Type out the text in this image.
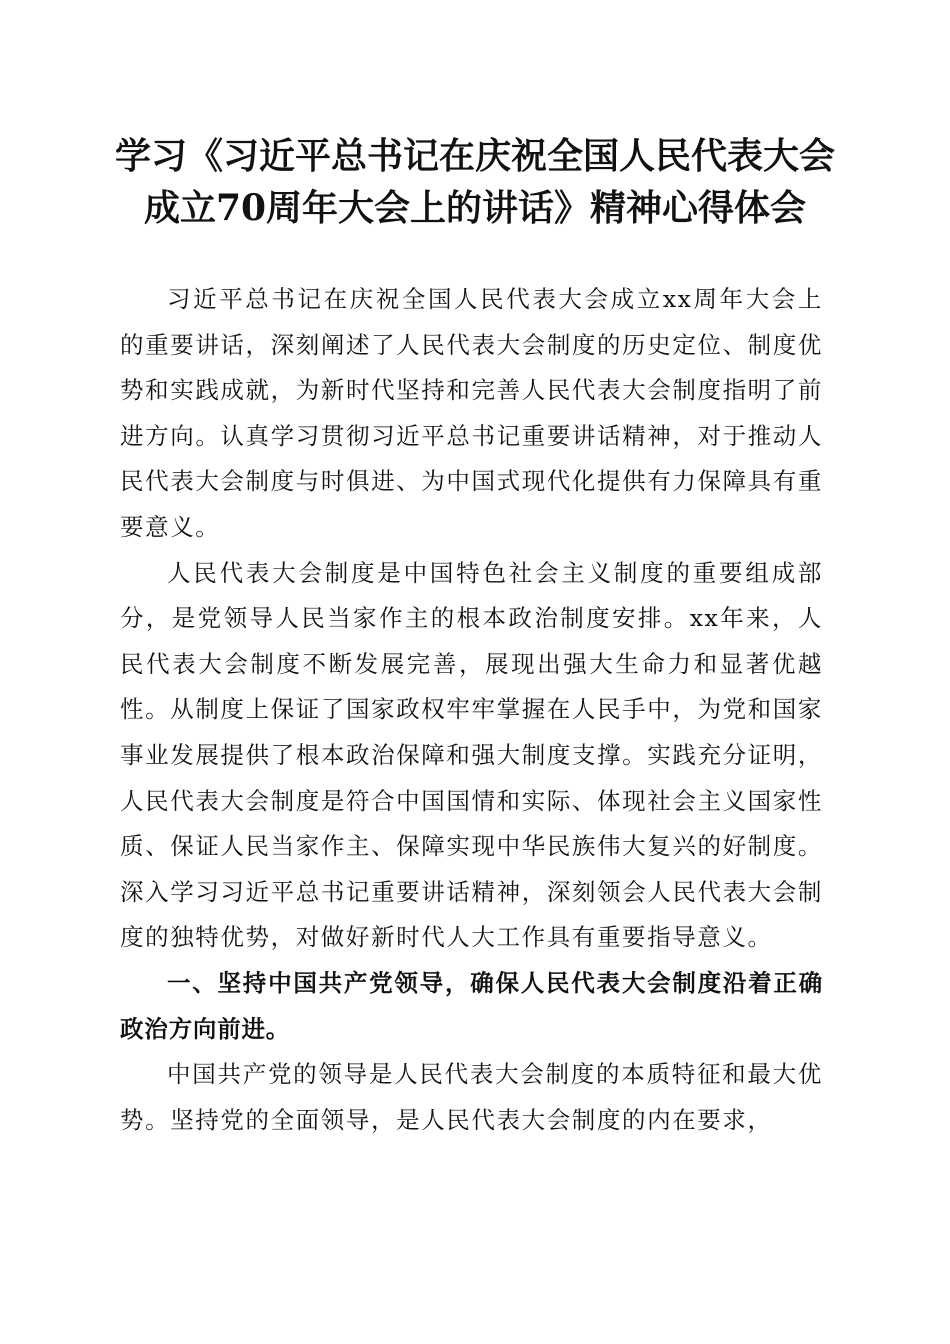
学习《习近平总书记在庆祝全国人民代表大会
成立70周年大会上的讲话》精神心得体会

习近平总书记在庆祝全国人民代表大会成立xx周年大会上的重要讲话，深刻阐述了人民代表大会制度的历史定位、制度优势和实践成就，为新时代坚持和完善人民代表大会制度指明了前进方向。认真学习贯彻习近平总书记重要讲话精神，对于推动人民代表大会制度与时俱进、为中国式现代化提供有力保障具有重要意义。

人民代表大会制度是中国特色社会主义制度的重要组成部分，是党领导人民当家作主的根本政治制度安排。xx年来，人民代表大会制度不断发展完善，展现出强大生命力和显著优越性。从制度上保证了国家政权牢牢掌握在人民手中，为党和国家事业发展提供了根本政治保障和强大制度支撑。实践充分证明，人民代表大会制度是符合中国国情和实际、体现社会主义国家性质、保证人民当家作主、保障实现中华民族伟大复兴的好制度。深入学习习近平总书记重要讲话精神，深刻领会人民代表大会制度的独特优势，对做好新时代人大工作具有重要指导意义。

一、坚持中国共产党领导，确保人民代表大会制度沿着正确政治方向前进。

中国共产党的领导是人民代表大会制度的本质特征和最大优势。坚持党的全面领导，是人民代表大会制度的内在要求，
